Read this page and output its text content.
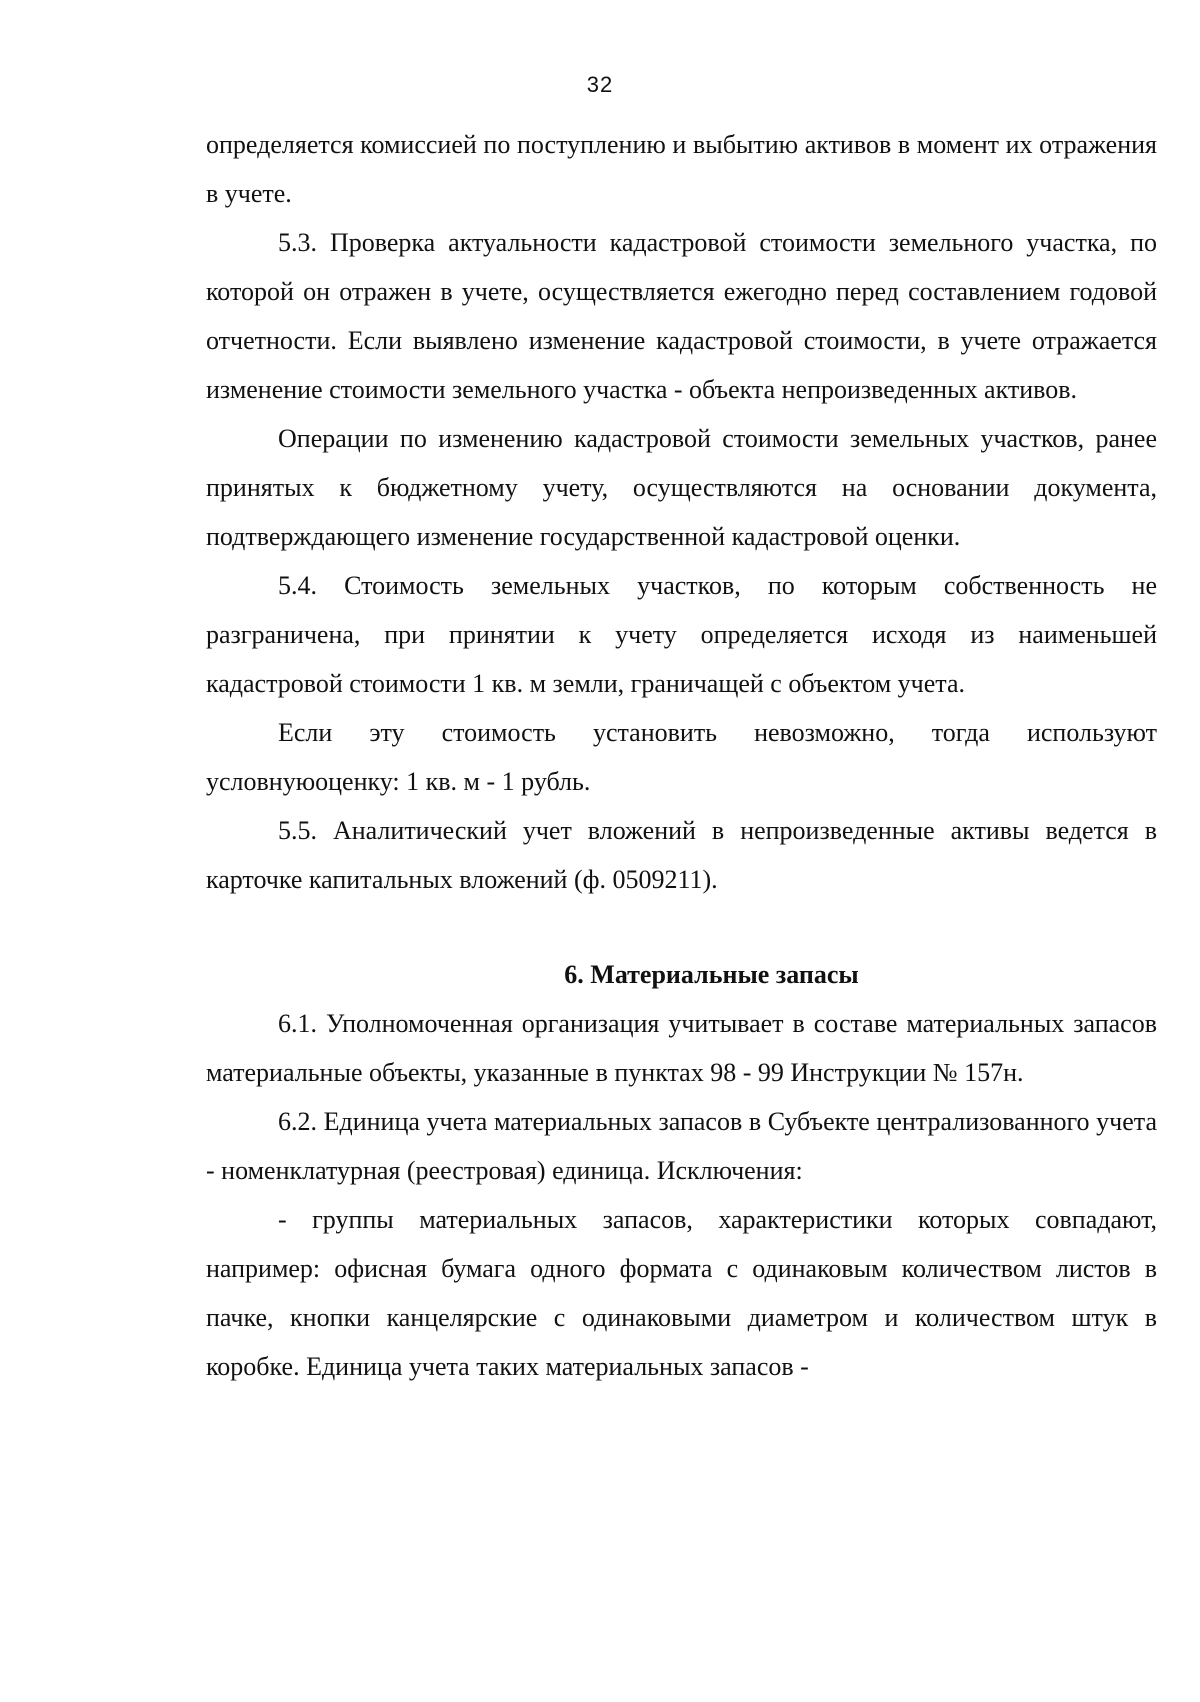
32

определяется комиссией по поступлению и выбытию активов в момент их отражения в учете.

5.3. Проверка актуальности кадастровой стоимости земельного участка, по которой он отражен в учете, осуществляется ежегодно перед составлением годовой отчетности. Если выявлено изменение кадастровой стоимости, в учете отражается изменение стоимости земельного участка - объекта непроизведенных активов.

Операции по изменению кадастровой стоимости земельных участков, ранее принятых к бюджетному учету, осуществляются на основании документа, подтверждающего изменение государственной кадастровой оценки.

5.4. Стоимость земельных участков, по которым собственность не разграничена, при принятии к учету определяется исходя из наименьшей кадастровой стоимости 1 кв. м земли, граничащей с объектом учета.

Если эту стоимость установить невозможно, тогда используют условнуюоценку: 1 кв. м - 1 рубль.

5.5. Аналитический учет вложений в непроизведенные активы ведется в карточке капитальных вложений (ф. 0509211).

6. Материальные запасы

6.1. Уполномоченная организация учитывает в составе материальных запасов материальные объекты, указанные в пунктах 98 - 99 Инструкции № 157н.

6.2. Единица учета материальных запасов в Субъекте централизованного учета - номенклатурная (реестровая) единица. Исключения:

- группы материальных запасов, характеристики которых совпадают, например: офисная бумага одного формата с одинаковым количеством листов в пачке, кнопки канцелярские с одинаковыми диаметром и количеством штук в коробке. Единица учета таких материальных запасов -
